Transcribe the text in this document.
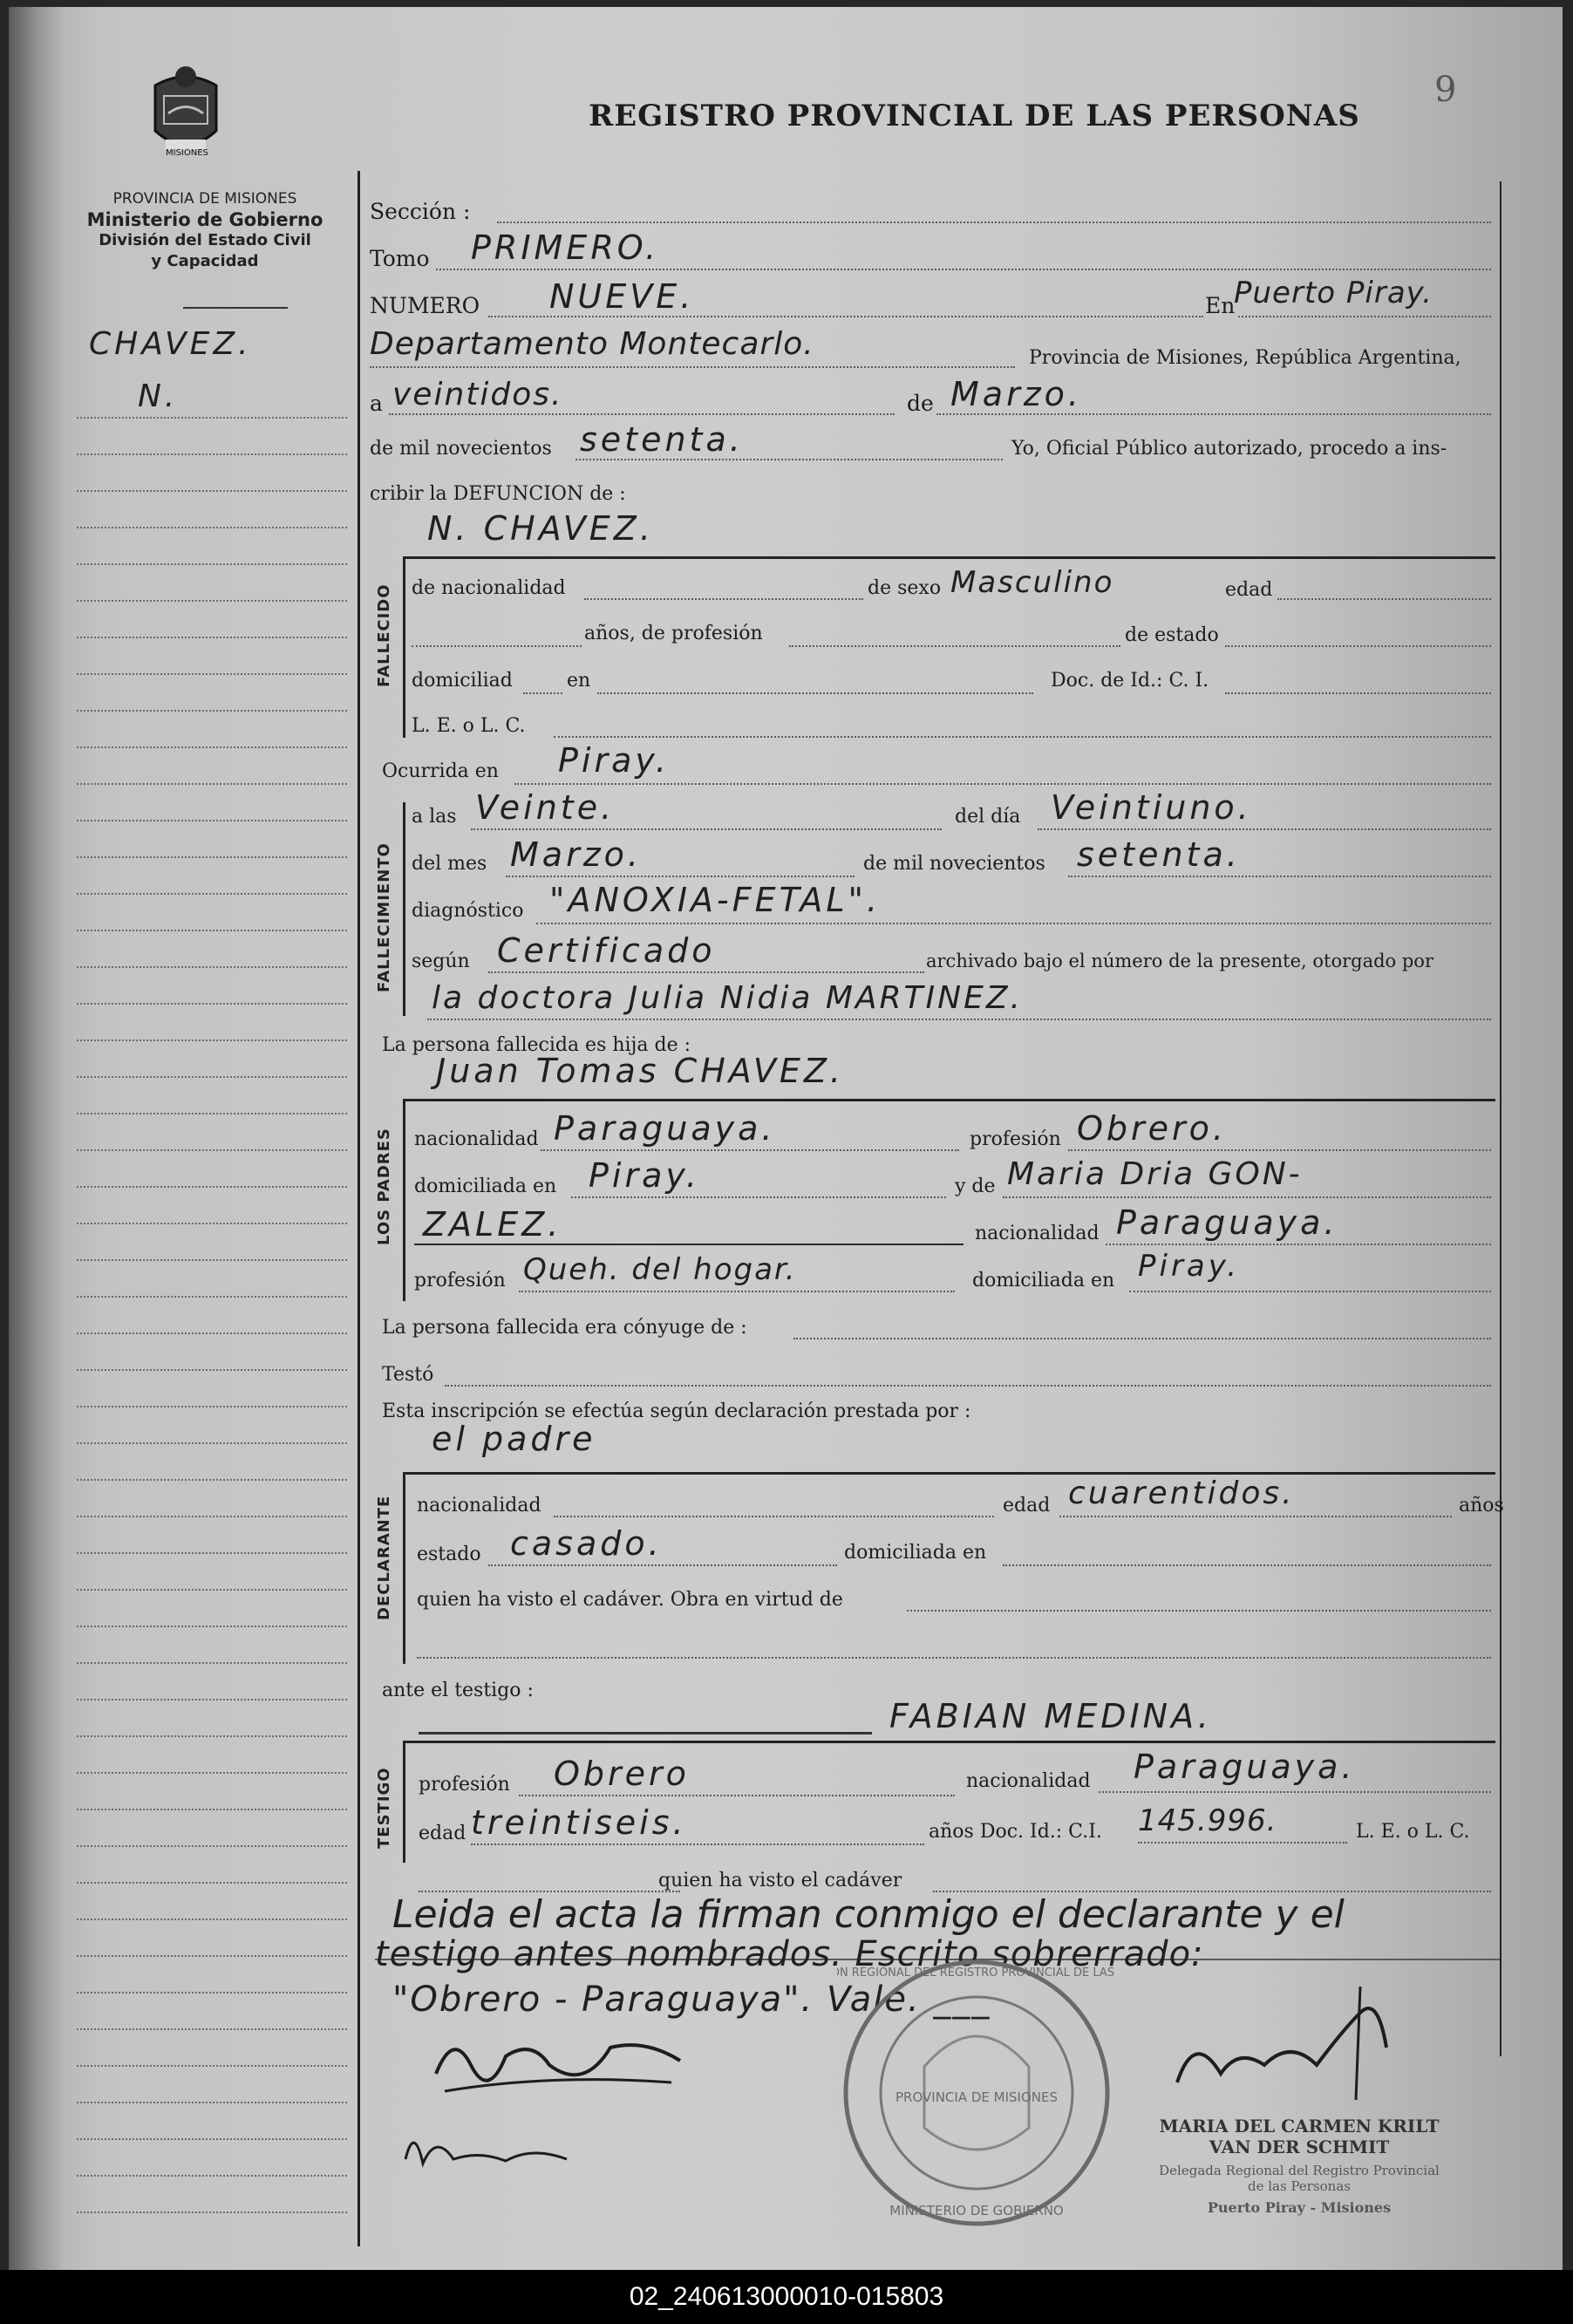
9
MISIONES
PROVINCIA DE MISIONES
Ministerio de Gobierno
División del Estado Civil
y Capacidad
REGISTRO PROVINCIAL DE LAS PERSONAS
CHAVEZ.
N.
Sección :
Tomo PRIMERO.
NUMERO NUEVE.	En
Puerto Piray.
Departamento Montecarlo.	Provincia de Misiones, República Argentina,
a veintidos.	de Marzo.
de mil novecientos setenta.	Yo, Oficial Público autorizado, procedo a ins-
cribir la DEFUNCION de :
N. CHAVEZ.
FALLECIDO de nacionalidad	de sexo Masculino	edad
años, de profesión	de estado
domiciliad	en	Doc. de Id.: C. I.
L. E. o L. C.
Ocurrida en Piray.
FALLECIMIENTO
a las Veinte.	del día Veintiuno.
del mes Marzo.	de mil novecientos setenta.
diagnóstico "ANOXIA-FETAL".
según Certificado	archivado bajo el número de la presente, otorgado por
la doctora Julia Nidia MARTINEZ.
La persona fallecida es hija de :
Juan Tomas CHAVEZ.
LOS PADRES nacionalidad Paraguaya.	profesión Obrero.
domiciliada en Piray.	y de Maria Dria GON-
ZALEZ.	nacionalidad Paraguaya.
profesión Queh. del hogar.	domiciliada en Piray.
La persona fallecida era cónyuge de :
Testó
Esta inscripción se efectúa según declaración prestada por :
el padre
DECLARANTE nacionalidad	edad cuarentidos.	años
estado casado.	domiciliada en
quien ha visto el cadáver. Obra en virtud de
ante el testigo :
FABIAN MEDINA.
TESTIGO profesión Obrero	nacionalidad Paraguaya.
edad treintiseis.	años Doc. Id.: C.I. 145.996.	L. E. o L. C.
quien ha visto el cadáver
Leida el acta la firman conmigo el declarante y el
testigo antes nombrados. Escrito sobrerrado:
"Obrero - Paraguaya". Vale. ___
N REGIONAL DEL REGISTRO PROVINCIAL DE LAS
PROVINCIA DE MISIONES
MINISTERIO DE GOBIERNO
MARIA DEL CARMEN KRILT
VAN DER SCHMIT
Delegada Regional del Registro Provincial
de las Personas
Puerto Piray - Misiones
02_240613000010-015803
